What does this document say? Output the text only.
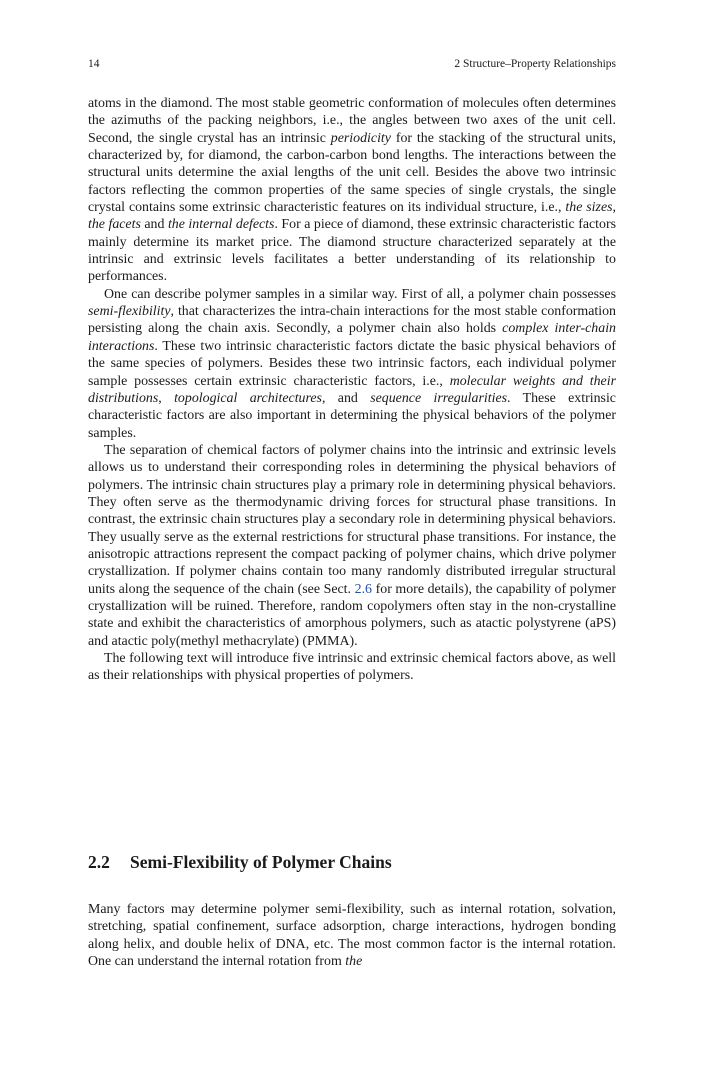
14	2 Structure–Property Relationships

atoms in the diamond. The most stable geometric conformation of molecules often determines the azimuths of the packing neighbors, i.e., the angles between two axes of the unit cell. Second, the single crystal has an intrinsic periodicity for the stacking of the structural units, characterized by, for diamond, the carbon-carbon bond lengths. The interactions between the structural units determine the axial lengths of the unit cell. Besides the above two intrinsic factors reflecting the common properties of the same species of single crystals, the single crystal contains some extrinsic characteristic features on its individual structure, i.e., the sizes, the facets and the internal defects. For a piece of diamond, these extrinsic characteristic factors mainly determine its market price. The diamond structure characterized separately at the intrinsic and extrinsic levels facilitates a better understanding of its relationship to performances.

One can describe polymer samples in a similar way. First of all, a polymer chain possesses semi-flexibility, that characterizes the intra-chain interactions for the most stable conformation persisting along the chain axis. Secondly, a polymer chain also holds complex inter-chain interactions. These two intrinsic characteristic factors dictate the basic physical behaviors of the same species of polymers. Besides these two intrinsic factors, each individual polymer sample possesses certain extrinsic characteristic factors, i.e., molecular weights and their distributions, topological architectures, and sequence irregularities. These extrinsic characteristic factors are also important in determining the physical behaviors of the polymer samples.

The separation of chemical factors of polymer chains into the intrinsic and extrinsic levels allows us to understand their corresponding roles in determining the physical behaviors of polymers. The intrinsic chain structures play a primary role in determining physical behaviors. They often serve as the thermodynamic driving forces for structural phase transitions. In contrast, the extrinsic chain structures play a secondary role in determining physical behaviors. They usually serve as the external restrictions for structural phase transitions. For instance, the anisotropic attractions represent the compact packing of polymer chains, which drive polymer crystallization. If polymer chains contain too many randomly distributed irregular structural units along the sequence of the chain (see Sect. 2.6 for more details), the capability of polymer crystallization will be ruined. Therefore, random copolymers often stay in the non-crystalline state and exhibit the characteristics of amorphous polymers, such as atactic polystyrene (aPS) and atactic poly(methyl methacrylate) (PMMA).

The following text will introduce five intrinsic and extrinsic chemical factors above, as well as their relationships with physical properties of polymers.

2.2 Semi-Flexibility of Polymer Chains

Many factors may determine polymer semi-flexibility, such as internal rotation, solvation, stretching, spatial confinement, surface adsorption, charge interactions, hydrogen bonding along helix, and double helix of DNA, etc. The most common factor is the internal rotation. One can understand the internal rotation from the
